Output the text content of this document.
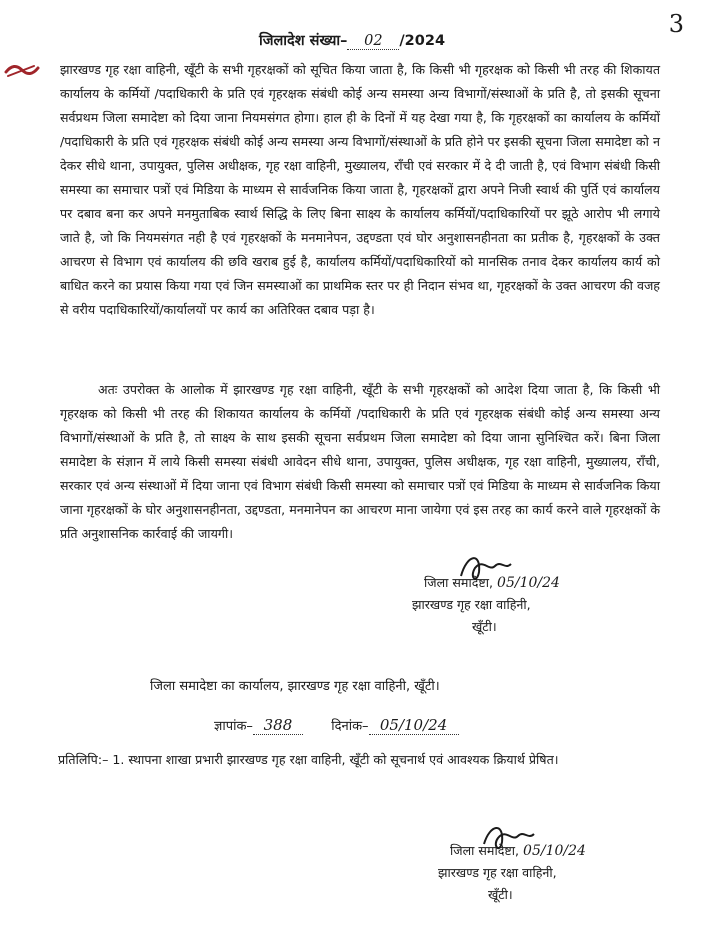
3
जिलादेश संख्या– 02 /2024
झारखण्ड गृह रक्षा वाहिनी, खूँटी के सभी गृहरक्षकों को सूचित किया जाता है, कि किसी भी गृहरक्षक को किसी भी तरह की शिकायत कार्यालय के कर्मियों /पदाधिकारी के प्रति एवं गृहरक्षक संबंधी कोई अन्य समस्या अन्य विभागों/संस्थाओं के प्रति है, तो इसकी सूचना सर्वप्रथम जिला समादेष्टा को दिया जाना नियमसंगत होगा। हाल ही के दिनों में यह देखा गया है, कि गृहरक्षकों का कार्यालय के कर्मियों /पदाधिकारी के प्रति एवं गृहरक्षक संबंधी कोई अन्य समस्या अन्य विभागों/संस्थाओं के प्रति होने पर इसकी सूचना जिला समादेष्टा को न देकर सीधे थाना, उपायुक्त, पुलिस अधीक्षक, गृह रक्षा वाहिनी, मुख्यालय, राँची एवं सरकार में दे दी जाती है, एवं विभाग संबंधी किसी समस्या का समाचार पत्रों एवं मिडिया के माध्यम से सार्वजनिक किया जाता है, गृहरक्षकों द्वारा अपने निजी स्वार्थ की पुर्ति एवं कार्यालय पर दबाव बना कर अपने मनमुताबिक स्वार्थ सिद्धि के लिए बिना साक्ष्य के कार्यालय कर्मियों/पदाधिकारियों पर झूठे आरोप भी लगाये जाते है, जो कि नियमसंगत नही है एवं गृहरक्षकों के मनमानेपन, उद्दण्डता एवं घोर अनुशासनहीनता का प्रतीक है, गृहरक्षकों के उक्त आचरण से विभाग एवं कार्यालय की छवि खराब हुई है, कार्यालय कर्मियों/पदाधिकारियों को मानसिक तनाव देकर कार्यालय कार्य को बाधित करने का प्रयास किया गया एवं जिन समस्याओं का प्राथमिक स्तर पर ही निदान संभव था, गृहरक्षकों के उक्त आचरण की वजह से वरीय पदाधिकारियों/कार्यालयों पर कार्य का अतिरिक्त दबाव पड़ा है।
अतः उपरोक्त के आलोक में झारखण्ड गृह रक्षा वाहिनी, खूँटी के सभी गृहरक्षकों को आदेश दिया जाता है, कि किसी भी गृहरक्षक को किसी भी तरह की शिकायत कार्यालय के कर्मियों /पदाधिकारी के प्रति एवं गृहरक्षक संबंधी कोई अन्य समस्या अन्य विभागों/संस्थाओं के प्रति है, तो साक्ष्य के साथ इसकी सूचना सर्वप्रथम जिला समादेष्टा को दिया जाना सुनिश्चित करें। बिना जिला समादेष्टा के संज्ञान में लाये किसी समस्या संबंधी आवेदन सीधे थाना, उपायुक्त, पुलिस अधीक्षक, गृह रक्षा वाहिनी, मुख्यालय, राँची, सरकार एवं अन्य संस्थाओं में दिया जाना एवं विभाग संबंधी किसी समस्या को समाचार पत्रों एवं मिडिया के माध्यम से सार्वजनिक किया जाना गृहरक्षकों के घोर अनुशासनहीनता, उद्दण्डता, मनमानेपन का आचरण माना जायेगा एवं इस तरह का कार्य करने वाले गृहरक्षकों के प्रति अनुशासनिक कार्रवाई की जायगी।
जिला समादेष्टा, 05/10/24
झारखण्ड गृह रक्षा वाहिनी,
खूँटी।
जिला समादेष्टा का कार्यालय, झारखण्ड गृह रक्षा वाहिनी, खूँटी।
ज्ञापांक– 388	दिनांक– 05/10/24
प्रतिलिपि:– 1. स्थापना शाखा प्रभारी झारखण्ड गृह रक्षा वाहिनी, खूँटी को सूचनार्थ एवं आवश्यक क्रियार्थ प्रेषित।
जिला समादेष्टा, 05/10/24
झारखण्ड गृह रक्षा वाहिनी,
खूँटी।
